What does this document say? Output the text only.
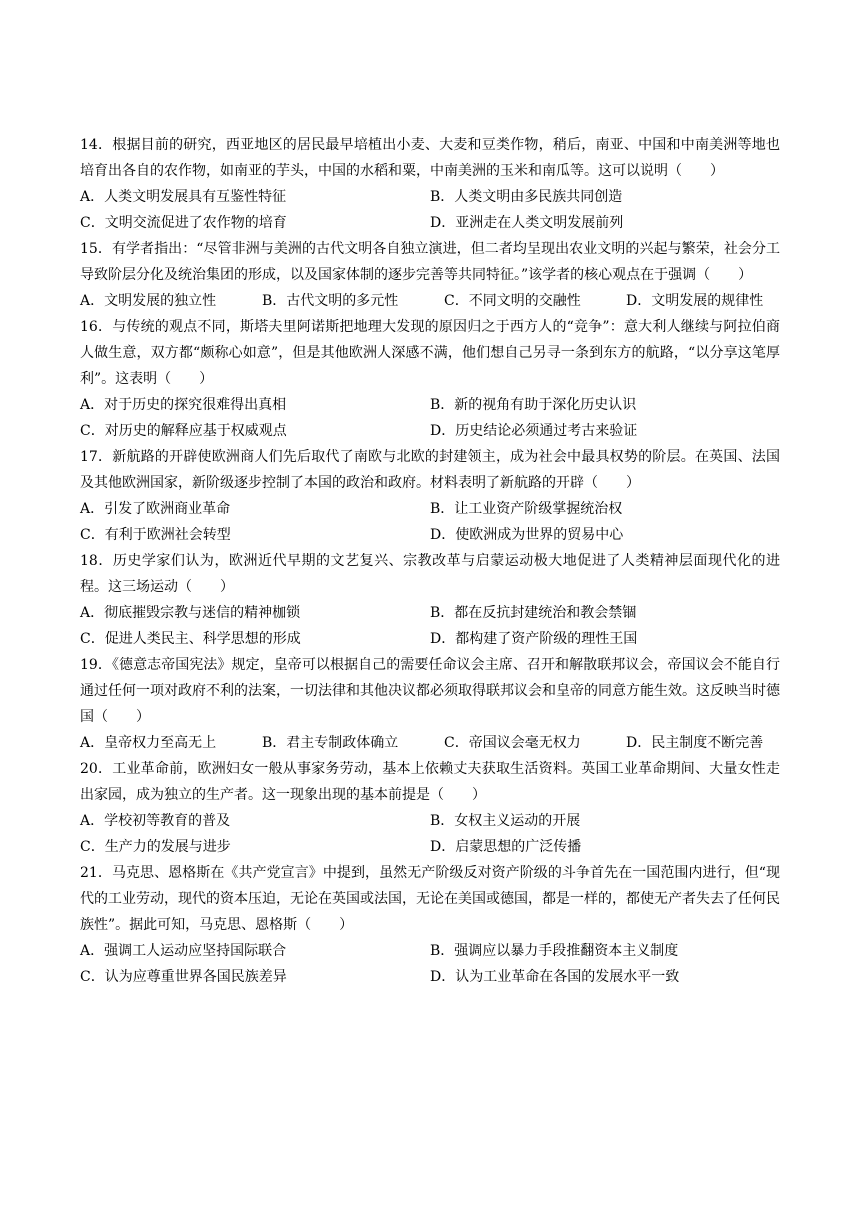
14．根据目前的研究，西亚地区的居民最早培植出小麦、大麦和豆类作物，稍后，南亚、中国和中南美洲等地也培育出各自的农作物，如南亚的芋头，中国的水稻和粟，中南美洲的玉米和南瓜等。这可以说明（　　）

A．人类文明发展具有互鉴性特征	B．人类文明由多民族共同创造
C．文明交流促进了农作物的培育	D．亚洲走在人类文明发展前列

15．有学者指出：“尽管非洲与美洲的古代文明各自独立演进，但二者均呈现出农业文明的兴起与繁荣，社会分工导致阶层分化及统治集团的形成，以及国家体制的逐步完善等共同特征。”该学者的核心观点在于强调（　　）

A．文明发展的独立性	B．古代文明的多元性	C．不同文明的交融性	D．文明发展的规律性

16．与传统的观点不同，斯塔夫里阿诺斯把地理大发现的原因归之于西方人的“竞争”：意大利人继续与阿拉伯商人做生意，双方都“颇称心如意”，但是其他欧洲人深感不满，他们想自己另寻一条到东方的航路，“以分享这笔厚利”。这表明（　　）

A．对于历史的探究很难得出真相	B．新的视角有助于深化历史认识
C．对历史的解释应基于权威观点	D．历史结论必须通过考古来验证

17．新航路的开辟使欧洲商人们先后取代了南欧与北欧的封建领主，成为社会中最具权势的阶层。在英国、法国及其他欧洲国家，新阶级逐步控制了本国的政治和政府。材料表明了新航路的开辟（　　）

A．引发了欧洲商业革命	B．让工业资产阶级掌握统治权
C．有利于欧洲社会转型	D．使欧洲成为世界的贸易中心

18．历史学家们认为，欧洲近代早期的文艺复兴、宗教改革与启蒙运动极大地促进了人类精神层面现代化的进程。这三场运动（　　）

A．彻底摧毁宗教与迷信的精神枷锁	B．都在反抗封建统治和教会禁锢
C．促进人类民主、科学思想的形成	D．都构建了资产阶级的理性王国

19．《德意志帝国宪法》规定，皇帝可以根据自己的需要任命议会主席、召开和解散联邦议会，帝国议会不能自行通过任何一项对政府不利的法案，一切法律和其他决议都必须取得联邦议会和皇帝的同意方能生效。这反映当时德国（　　）

A．皇帝权力至高无上	B．君主专制政体确立	C．帝国议会毫无权力	D．民主制度不断完善

20．工业革命前，欧洲妇女一般从事家务劳动，基本上依赖丈夫获取生活资料。英国工业革命期间、大量女性走出家园，成为独立的生产者。这一现象出现的基本前提是（　　）

A．学校初等教育的普及	B．女权主义运动的开展
C．生产力的发展与进步	D．启蒙思想的广泛传播

21．马克思、恩格斯在《共产党宣言》中提到，虽然无产阶级反对资产阶级的斗争首先在一国范围内进行，但“现代的工业劳动，现代的资本压迫，无论在英国或法国，无论在美国或德国，都是一样的，都使无产者失去了任何民族性”。据此可知，马克思、恩格斯（　　）

A．强调工人运动应坚持国际联合	B．强调应以暴力手段推翻资本主义制度
C．认为应尊重世界各国民族差异	D．认为工业革命在各国的发展水平一致
